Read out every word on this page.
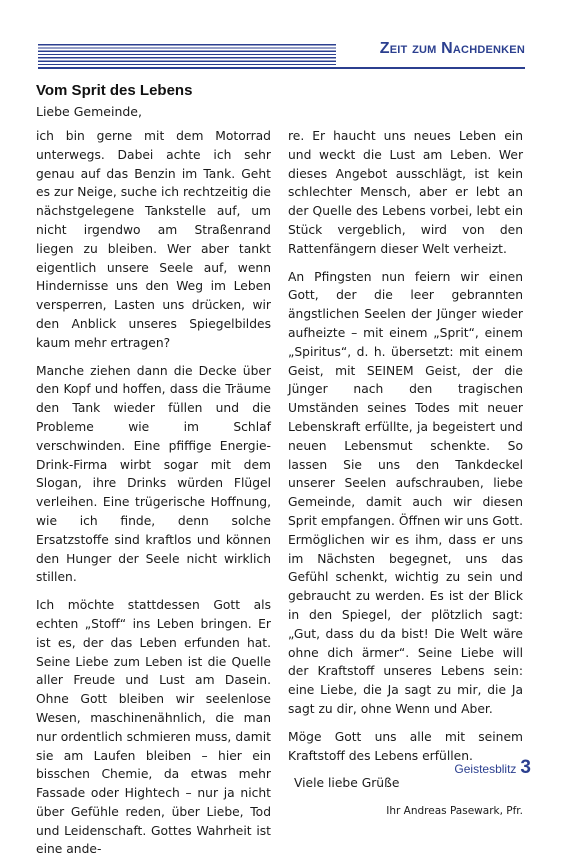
Zeit zum Nachdenken
Vom Sprit des Lebens

Liebe Gemeinde,

ich bin gerne mit dem Motorrad unterwegs. Dabei achte ich sehr genau auf das Benzin im Tank. Geht es zur Neige, suche ich rechtzeitig die nächstgelegene Tankstelle auf, um nicht irgendwo am Straßenrand liegen zu bleiben. Wer aber tankt eigentlich unsere Seele auf, wenn Hindernisse uns den Weg im Leben versperren, Lasten uns drücken, wir den Anblick unseres Spiegelbildes kaum mehr ertragen?

Manche ziehen dann die Decke über den Kopf und hoffen, dass die Träume den Tank wieder füllen und die Probleme wie im Schlaf verschwinden. Eine pfiffige Energie-Drink-Firma wirbt sogar mit dem Slogan, ihre Drinks würden Flügel verleihen. Eine trügerische Hoffnung, wie ich finde, denn solche Ersatzstoffe sind kraftlos und können den Hunger der Seele nicht wirklich stillen.

Ich möchte stattdessen Gott als echten „Stoff“ ins Leben bringen. Er ist es, der das Leben erfunden hat. Seine Liebe zum Leben ist die Quelle aller Freude und Lust am Dasein. Ohne Gott bleiben wir seelenlose Wesen, maschinenähnlich, die man nur ordentlich schmieren muss, damit sie am Laufen bleiben – hier ein bisschen Chemie, da etwas mehr Fassade oder Hightech – nur ja nicht über Gefühle reden, über Liebe, Tod und Leidenschaft. Gottes Wahrheit ist eine ande-

re. Er haucht uns neues Leben ein und weckt die Lust am Leben. Wer dieses Angebot ausschlägt, ist kein schlechter Mensch, aber er lebt an der Quelle des Lebens vorbei, lebt ein Stück vergeblich, wird von den Rattenfängern dieser Welt verheizt.

An Pfingsten nun feiern wir einen Gott, der die leer gebrannten ängstlichen Seelen der Jünger wieder aufheizte – mit einem „Sprit“, einem „Spiritus“, d. h. übersetzt: mit einem Geist, mit SEINEM Geist, der die Jünger nach den tragischen Umständen seines Todes mit neuer Lebenskraft erfüllte, ja begeistert und neuen Lebensmut schenkte. So lassen Sie uns den Tankdeckel unserer Seelen aufschrauben, liebe Gemeinde, damit auch wir diesen Sprit empfangen. Öffnen wir uns Gott. Ermöglichen wir es ihm, dass er uns im Nächsten begegnet, uns das Gefühl schenkt, wichtig zu sein und gebraucht zu werden. Es ist der Blick in den Spiegel, der plötzlich sagt: „Gut, dass du da bist! Die Welt wäre ohne dich ärmer“. Seine Liebe will der Kraftstoff unseres Lebens sein: eine Liebe, die Ja sagt zu mir, die Ja sagt zu dir, ohne Wenn und Aber.

Möge Gott uns alle mit seinem Kraftstoff des Lebens erfüllen.

Viele liebe Grüße

Ihr Andreas Pasewark, Pfr.

Geistesblitz 3
